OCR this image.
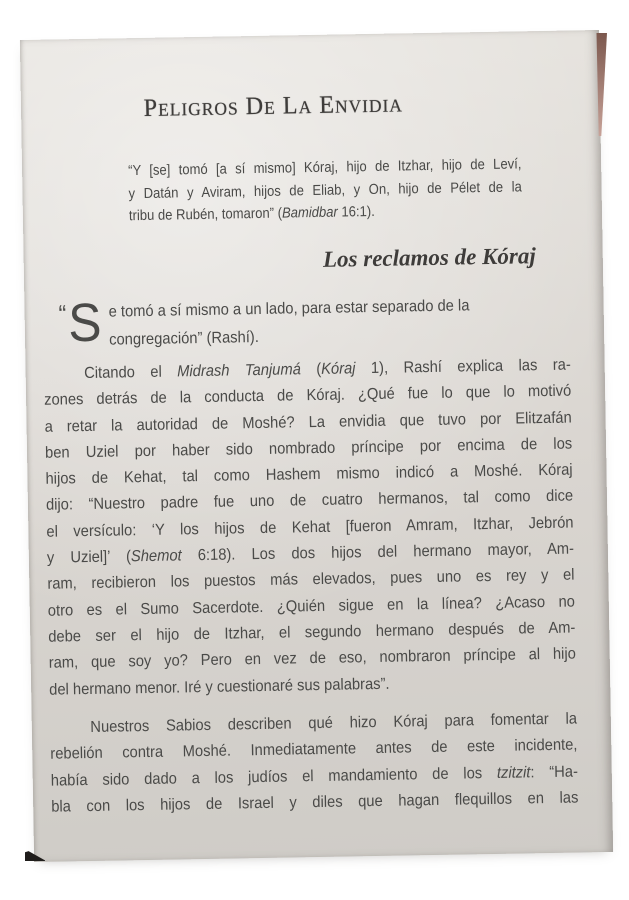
Peligros De La Envidia
“Y [se] tomó [a sí mismo] Kóraj, hijo de Itzhar, hijo de Leví,
y Datán y Aviram, hijos de Eliab, y On, hijo de Pélet de la
tribu de Rubén, tomaron” (Bamidbar 16:1).
Los reclamos de Kóraj
“ S e tomó a sí mismo a un lado, para estar separado de la
congregación” (Rashí).
Citando el Midrash Tanjumá (Kóraj 1), Rashí explica las ra-
zones detrás de la conducta de Kóraj. ¿Qué fue lo que lo motivó
a retar la autoridad de Moshé? La envidia que tuvo por Elitzafán
ben Uziel por haber sido nombrado príncipe por encima de los
hijos de Kehat, tal como Hashem mismo indicó a Moshé. Kóraj
dijo: “Nuestro padre fue uno de cuatro hermanos, tal como dice
el versículo: ‘Y los hijos de Kehat [fueron Amram, Itzhar, Jebrón
y Uziel]’ (Shemot 6:18). Los dos hijos del hermano mayor, Am-
ram, recibieron los puestos más elevados, pues uno es rey y el
otro es el Sumo Sacerdote. ¿Quién sigue en la línea? ¿Acaso no
debe ser el hijo de Itzhar, el segundo hermano después de Am-
ram, que soy yo? Pero en vez de eso, nombraron príncipe al hijo
del hermano menor. Iré y cuestionaré sus palabras”.
Nuestros Sabios describen qué hizo Kóraj para fomentar la
rebelión contra Moshé. Inmediatamente antes de este incidente,
había sido dado a los judíos el mandamiento de los tzitzit: “Ha-
bla con los hijos de Israel y diles que hagan flequillos en las
